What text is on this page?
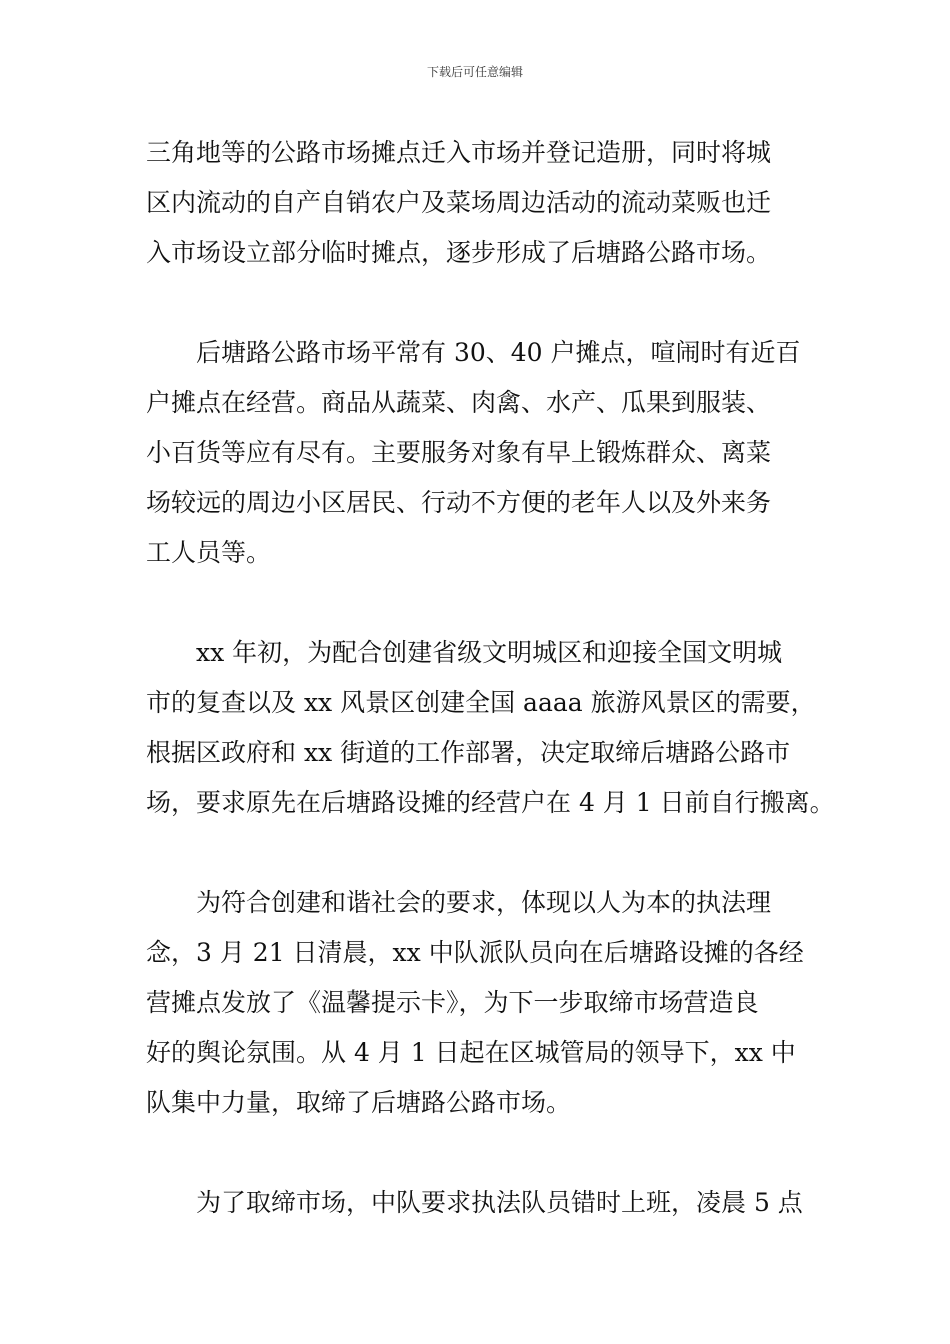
下载后可任意编辑
三角地等的公路市场摊点迁入市场并登记造册，同时将城
区内流动的自产自销农户及菜场周边活动的流动菜贩也迁
入市场设立部分临时摊点，逐步形成了后塘路公路市场。
后塘路公路市场平常有 30、40 户摊点，喧闹时有近百
户摊点在经营。商品从蔬菜、肉禽、水产、瓜果到服装、
小百货等应有尽有。主要服务对象有早上锻炼群众、离菜
场较远的周边小区居民、行动不方便的老年人以及外来务
工人员等。
xx 年初，为配合创建省级文明城区和迎接全国文明城
市的复查以及 xx 风景区创建全国 aaaa 旅游风景区的需要，
根据区政府和 xx 街道的工作部署，决定取缔后塘路公路市
场，要求原先在后塘路设摊的经营户在 4 月 1 日前自行搬离。
为符合创建和谐社会的要求，体现以人为本的执法理
念，3 月 21 日清晨，xx 中队派队员向在后塘路设摊的各经
营摊点发放了《温馨提示卡》，为下一步取缔市场营造良
好的舆论氛围。从 4 月 1 日起在区城管局的领导下，xx 中
队集中力量，取缔了后塘路公路市场。
为了取缔市场，中队要求执法队员错时上班，凌晨 5 点
